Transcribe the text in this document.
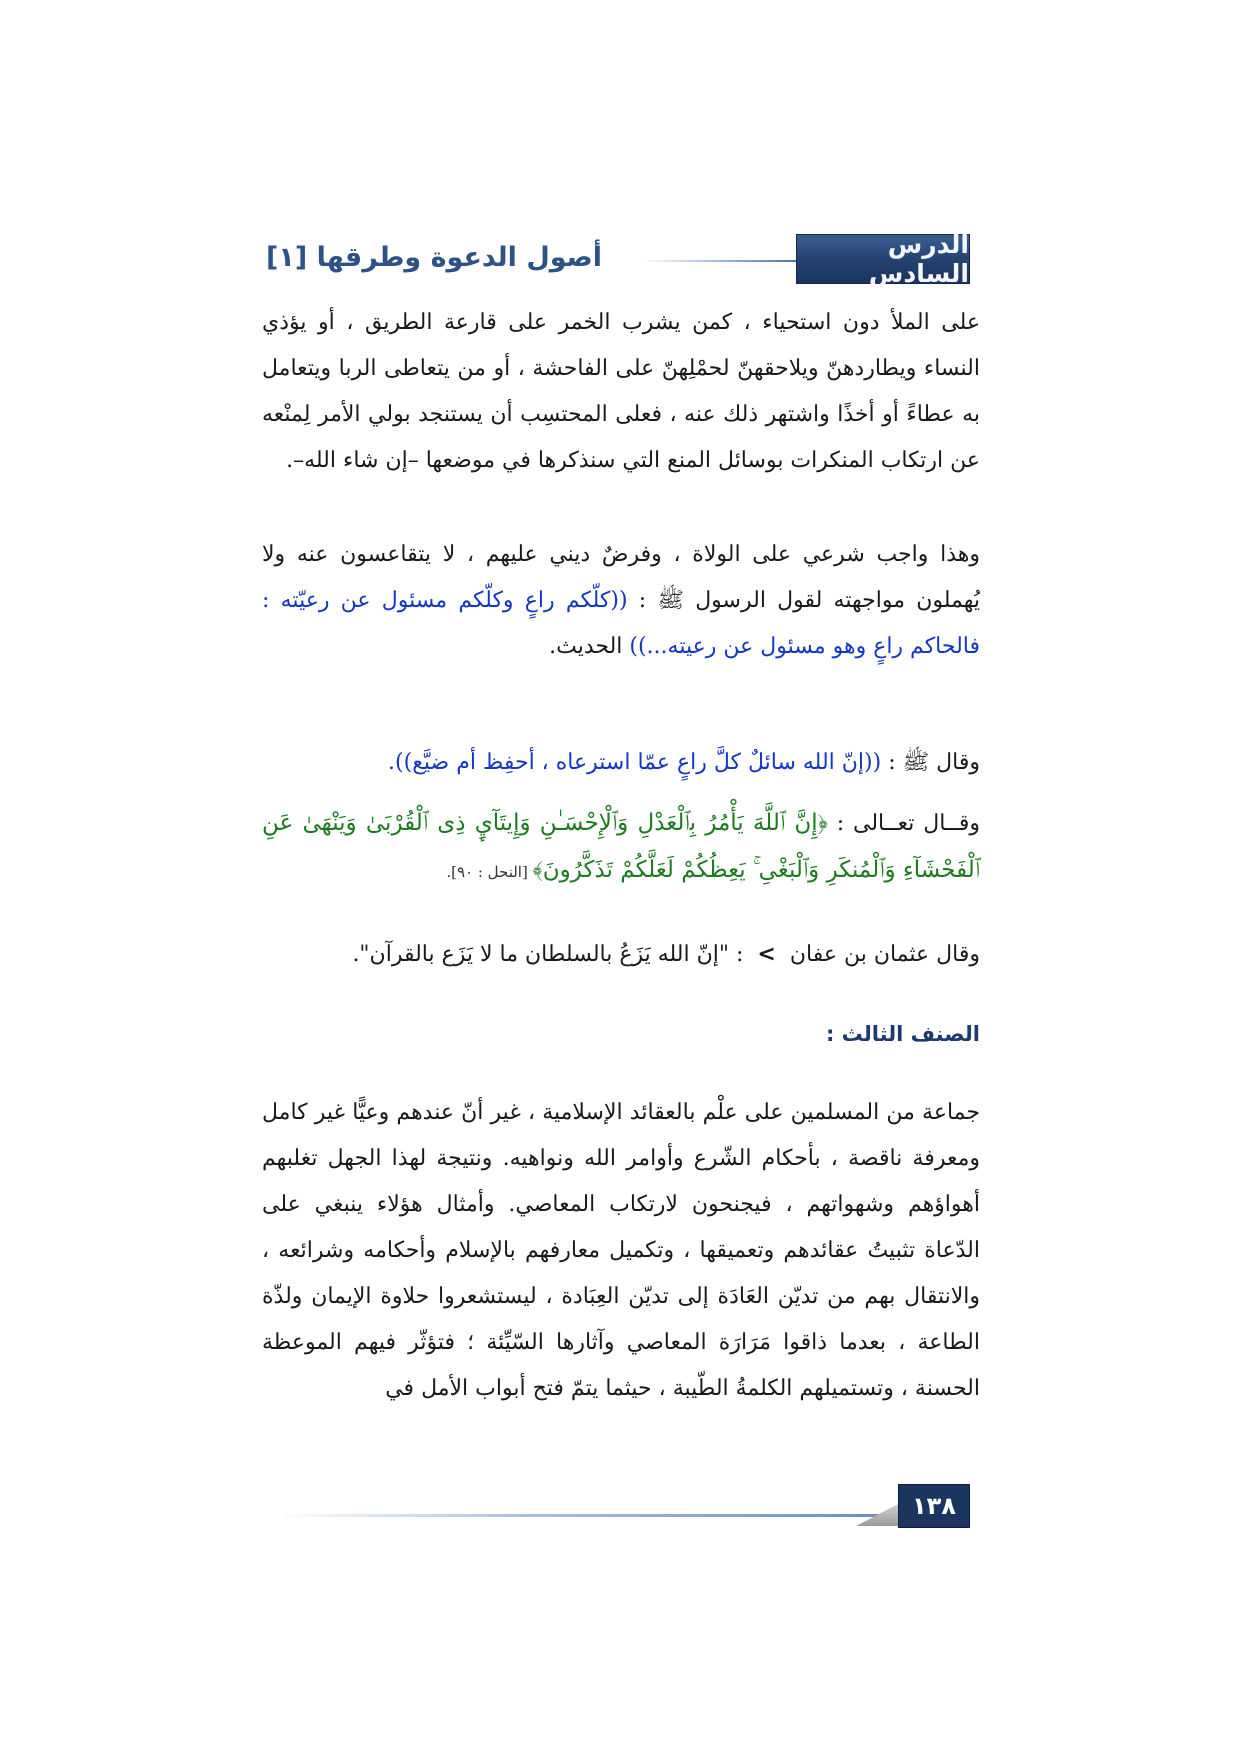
الدرس السادس
أصول الدعوة وطرقها [١]

على الملأ دون استحياء ، كمن يشرب الخمر على قارعة الطريق ، أو يؤذي النساء ويطاردهنّ ويلاحقهنّ لحمْلِهنّ على الفاحشة ، أو من يتعاطى الربا ويتعامل به عطاءً أو أخذًا واشتهر ذلك عنه ، فعلى المحتسِب أن يستنجد بولي الأمر لِمنْعه عن ارتكاب المنكرات بوسائل المنع التي سنذكرها في موضعها –إن شاء الله–.

وهذا واجب شرعي على الولاة ، وفرضٌ ديني عليهم ، لا يتقاعسون عنه ولا يُهملون مواجهته لقول الرسول ﷺ : ((كلّكم راعٍ وكلّكم مسئول عن رعيّته : فالحاكم راعٍ وهو مسئول عن رعيته...)) الحديث.

وقال ﷺ : ((إنّ الله سائلٌ كلَّ راعٍ عمّا استرعاه ، أحفِظ أم ضيَّع)).

وقــال تعــالى : ﴿إِنَّ ٱللَّهَ يَأْمُرُ بِٱلْعَدْلِ وَٱلْإِحْسَـٰنِ وَإِيتَآيِٕ ذِى ٱلْقُرْبَىٰ وَيَنْهَىٰ عَنِ ٱلْفَحْشَآءِ وَٱلْمُنكَرِ وَٱلْبَغْىِ ۚ يَعِظُكُمْ لَعَلَّكُمْ تَذَكَّرُونَ﴾ [النحل : ٩٠].

وقال عثمان بن عفان>: "إنّ الله يَزَعُ بالسلطان ما لا يَزَع بالقرآن".

الصنف الثالث :

جماعة من المسلمين على علْم بالعقائد الإسلامية ، غير أنّ عندهم وعيًّا غير كامل ومعرفة ناقصة ، بأحكام الشّرع وأوامر الله ونواهيه. ونتيجة لهذا الجهل تغلبهم أهواؤهم وشهواتهم ، فيجنحون لارتكاب المعاصي. وأمثال هؤلاء ينبغي على الدّعاة تثبيتُ عقائدهم وتعميقها ، وتكميل معارفهم بالإسلام وأحكامه وشرائعه ، والانتقال بهم من تديّن العَادَة إلى تديّن العِبَادة ، ليستشعروا حلاوة الإيمان ولذّة الطاعة ، بعدما ذاقوا مَرَارَة المعاصي وآثارها السّيِّئة ؛ فتؤثّر فيهم الموعظة الحسنة ، وتستميلهم الكلمةُ الطّيبة ، حيثما يتمّ فتح أبواب الأمل في

١٣٨
